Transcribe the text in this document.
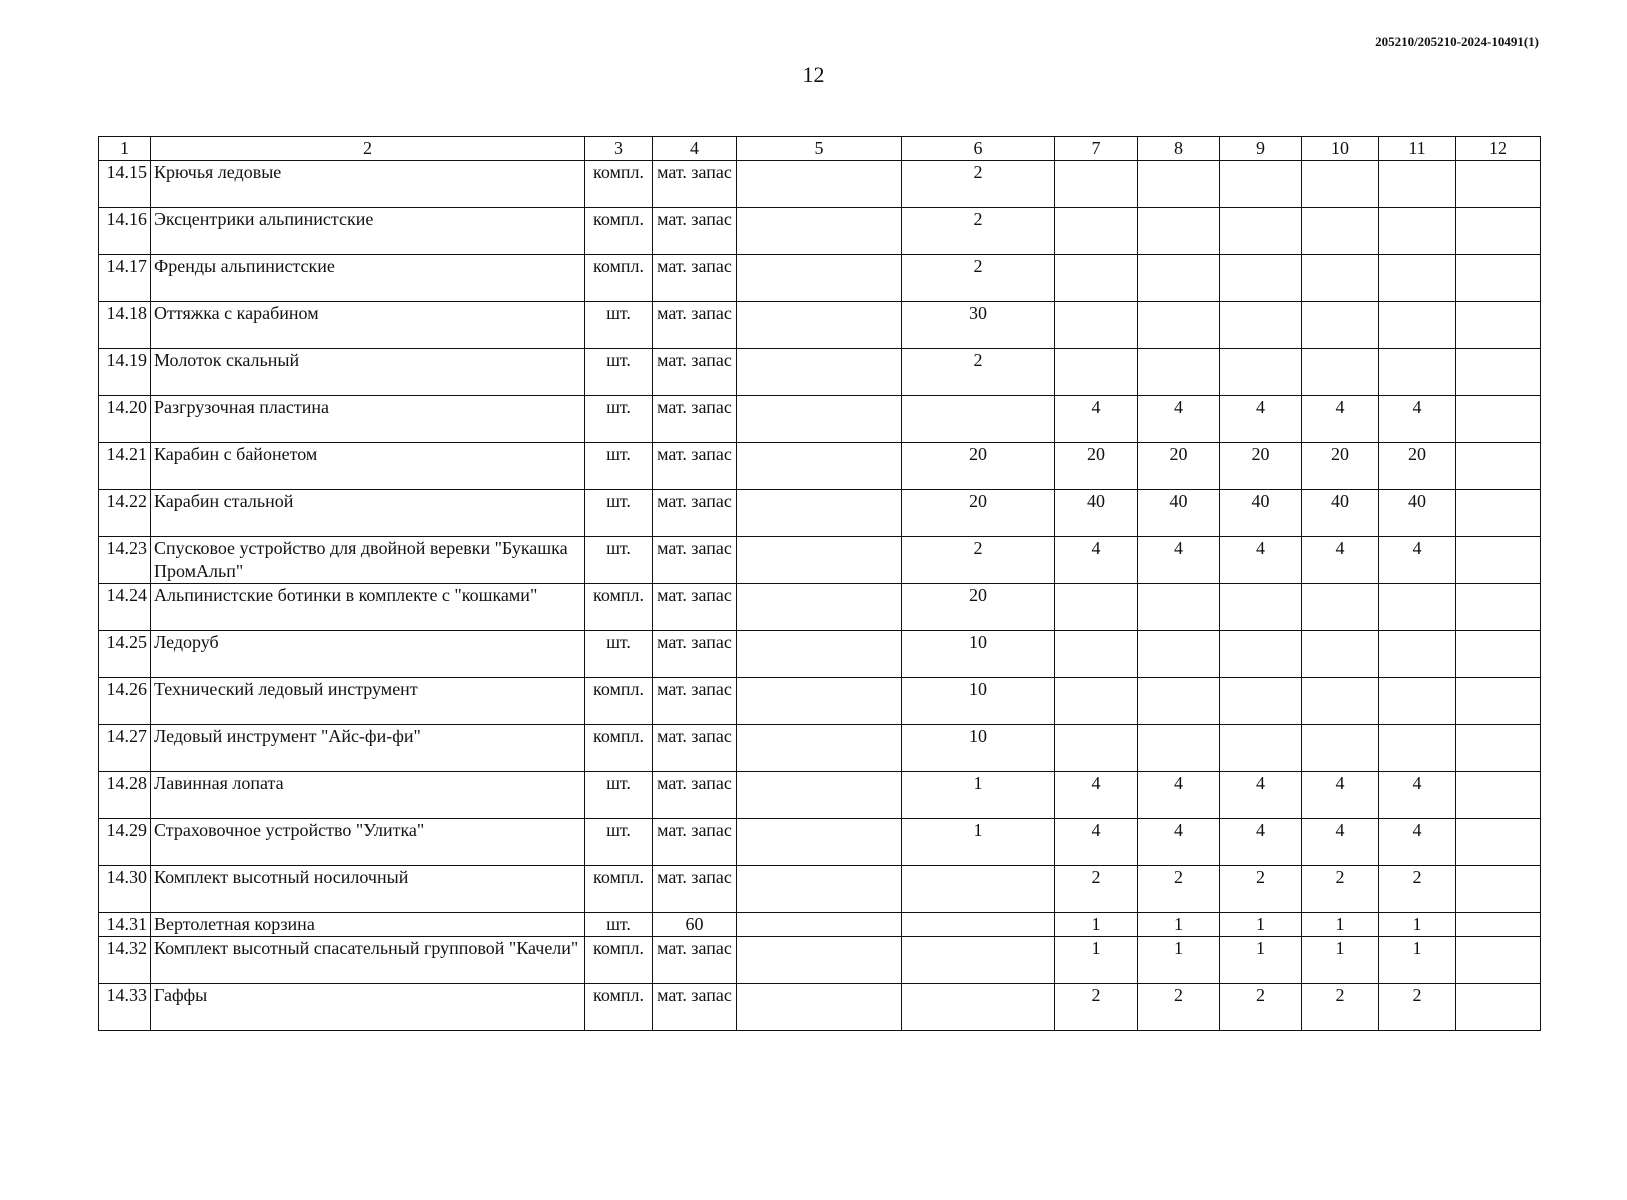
205210/205210-2024-10491(1)
12
1	2	3	4	5	6	7	8	9	10	11	12
14.15	Крючья ледовые	компл.	мат. запас		2						
14.16	Эксцентрики альпинистские	компл.	мат. запас		2						
14.17	Френды альпинистские	компл.	мат. запас		2						
14.18	Оттяжка с карабином	шт.	мат. запас		30						
14.19	Молоток скальный	шт.	мат. запас		2						
14.20	Разгрузочная пластина	шт.	мат. запас			4	4	4	4	4	
14.21	Карабин с байонетом	шт.	мат. запас		20	20	20	20	20	20	
14.22	Карабин стальной	шт.	мат. запас		20	40	40	40	40	40	
14.23	Спусковое устройство для двойной веревки "Букашка ПромАльп"	шт.	мат. запас		2	4	4	4	4	4	
14.24	Альпинистские ботинки в комплекте с "кошками"	компл.	мат. запас		20						
14.25	Ледоруб	шт.	мат. запас		10						
14.26	Технический ледовый инструмент	компл.	мат. запас		10						
14.27	Ледовый инструмент "Айс-фи-фи"	компл.	мат. запас		10						
14.28	Лавинная лопата	шт.	мат. запас		1	4	4	4	4	4	
14.29	Страховочное устройство "Улитка"	шт.	мат. запас		1	4	4	4	4	4	
14.30	Комплект высотный носилочный	компл.	мат. запас			2	2	2	2	2	
14.31	Вертолетная корзина	шт.	60			1	1	1	1	1	
14.32	Комплект высотный спасательный групповой "Качели"	компл.	мат. запас			1	1	1	1	1	
14.33	Гаффы	компл.	мат. запас			2	2	2	2	2	
